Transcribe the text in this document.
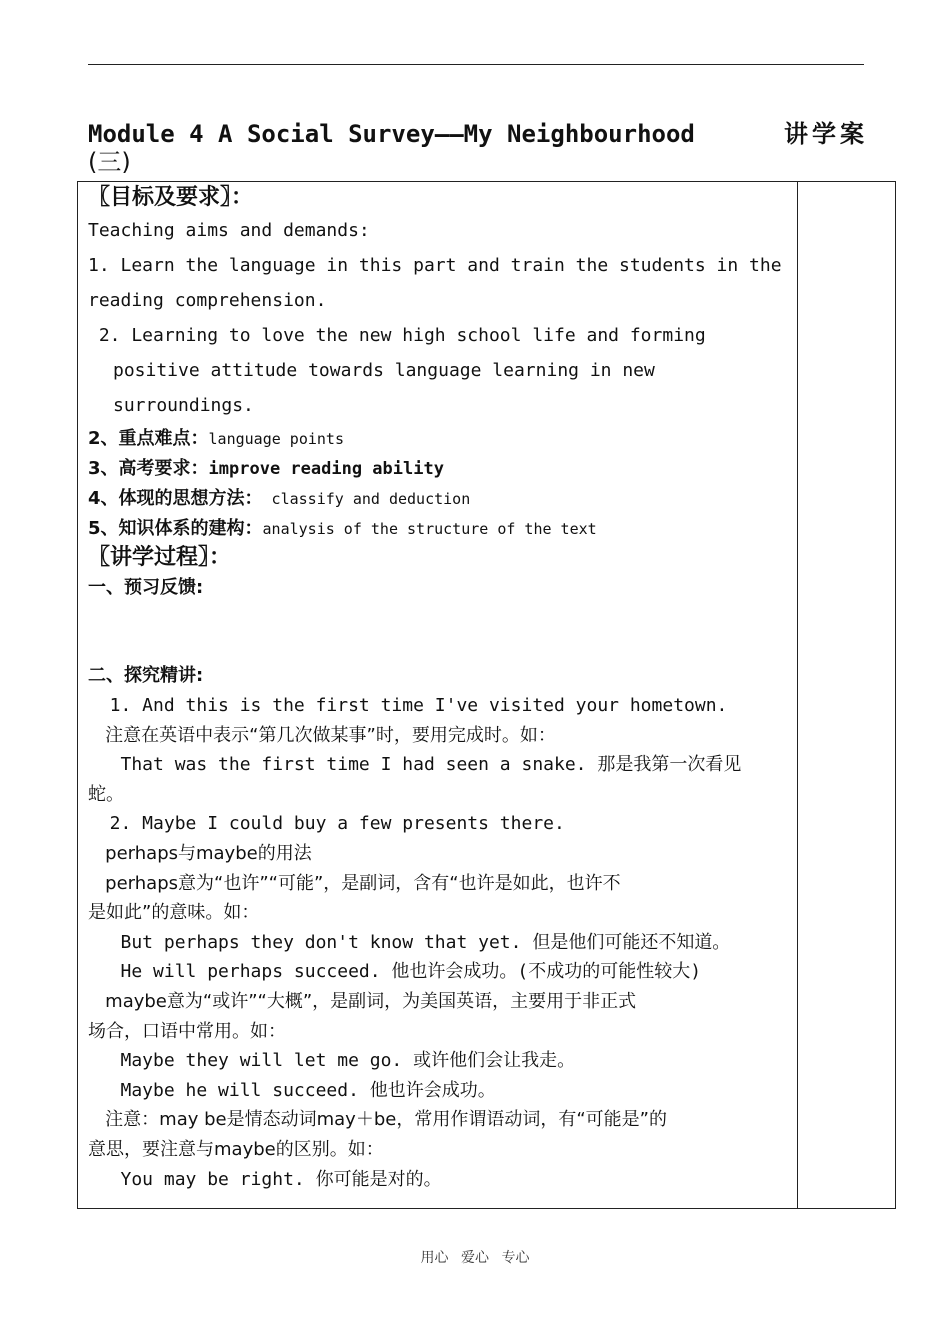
Module 4 A Social Survey——My Neighbourhood	讲学案
(三)
〖目标及要求〗：
Teaching aims and demands:
1. Learn the language in this part and train the students in the
reading comprehension.
2. Learning to love the new high school life and forming
positive attitude towards language learning in new
surroundings.
2、重点难点：language points
3、高考要求：improve reading ability
4、体现的思想方法： classify and deduction
5、知识体系的建构：analysis of the structure of the text
〖讲学过程〗：
一、预习反馈:
二、探究精讲:
1. And this is the first time I've visited your hometown.
注意在英语中表示“第几次做某事”时，要用完成时。如：
That was the first time I had seen a snake. 那是我第一次看见
蛇。
2. Maybe I could buy a few presents there.
perhaps与maybe的用法
perhaps意为“也许”“可能”，是副词，含有“也许是如此，也许不
是如此”的意味。如：
But perhaps they don't know that yet. 但是他们可能还不知道。
He will perhaps succeed. 他也许会成功。(不成功的可能性较大)
maybe意为“或许”“大概”，是副词，为美国英语，主要用于非正式
场合，口语中常用。如：
Maybe they will let me go. 或许他们会让我走。
Maybe he will succeed. 他也许会成功。
注意：may be是情态动词may＋be，常用作谓语动词，有“可能是”的
意思，要注意与maybe的区别。如：
You may be right. 你可能是对的。
用心 爱心 专心
